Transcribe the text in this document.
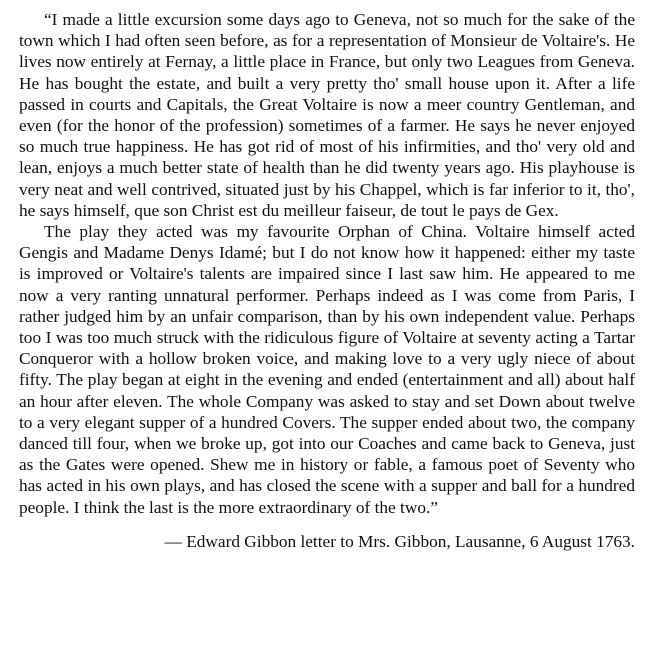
“I made a little excursion some days ago to Geneva, not so much for the sake of the town which I had often seen before, as for a representation of Monsieur de Voltaire's. He lives now entirely at Fernay, a little place in France, but only two Leagues from Geneva. He has bought the estate, and built a very pretty tho' small house upon it. After a life passed in courts and Capitals, the Great Voltaire is now a meer country Gentleman, and even (for the honor of the profession) sometimes of a farmer. He says he never enjoyed so much true happiness. He has got rid of most of his infirmities, and tho' very old and lean, enjoys a much better state of health than he did twenty years ago. His playhouse is very neat and well contrived, situated just by his Chappel, which is far inferior to it, tho', he says himself, que son Christ est du meilleur faiseur, de tout le pays de Gex.

The play they acted was my favourite Orphan of China. Voltaire himself acted Gengis and Madame Denys Idamé; but I do not know how it happened: either my taste is improved or Voltaire's talents are impaired since I last saw him. He appeared to me now a very ranting unnatural performer. Perhaps indeed as I was come from Paris, I rather judged him by an unfair comparison, than by his own independent value. Perhaps too I was too much struck with the ridiculous figure of Voltaire at seventy acting a Tartar Conqueror with a hollow broken voice, and making love to a very ugly niece of about fifty. The play began at eight in the evening and ended (entertainment and all) about half an hour after eleven. The whole Company was asked to stay and set Down about twelve to a very elegant supper of a hundred Covers. The supper ended about two, the company danced till four, when we broke up, got into our Coaches and came back to Geneva, just as the Gates were opened. Shew me in history or fable, a famous poet of Seventy who has acted in his own plays, and has closed the scene with a supper and ball for a hundred people. I think the last is the more extraordinary of the two.”

— Edward Gibbon letter to Mrs. Gibbon, Lausanne, 6 August 1763.
